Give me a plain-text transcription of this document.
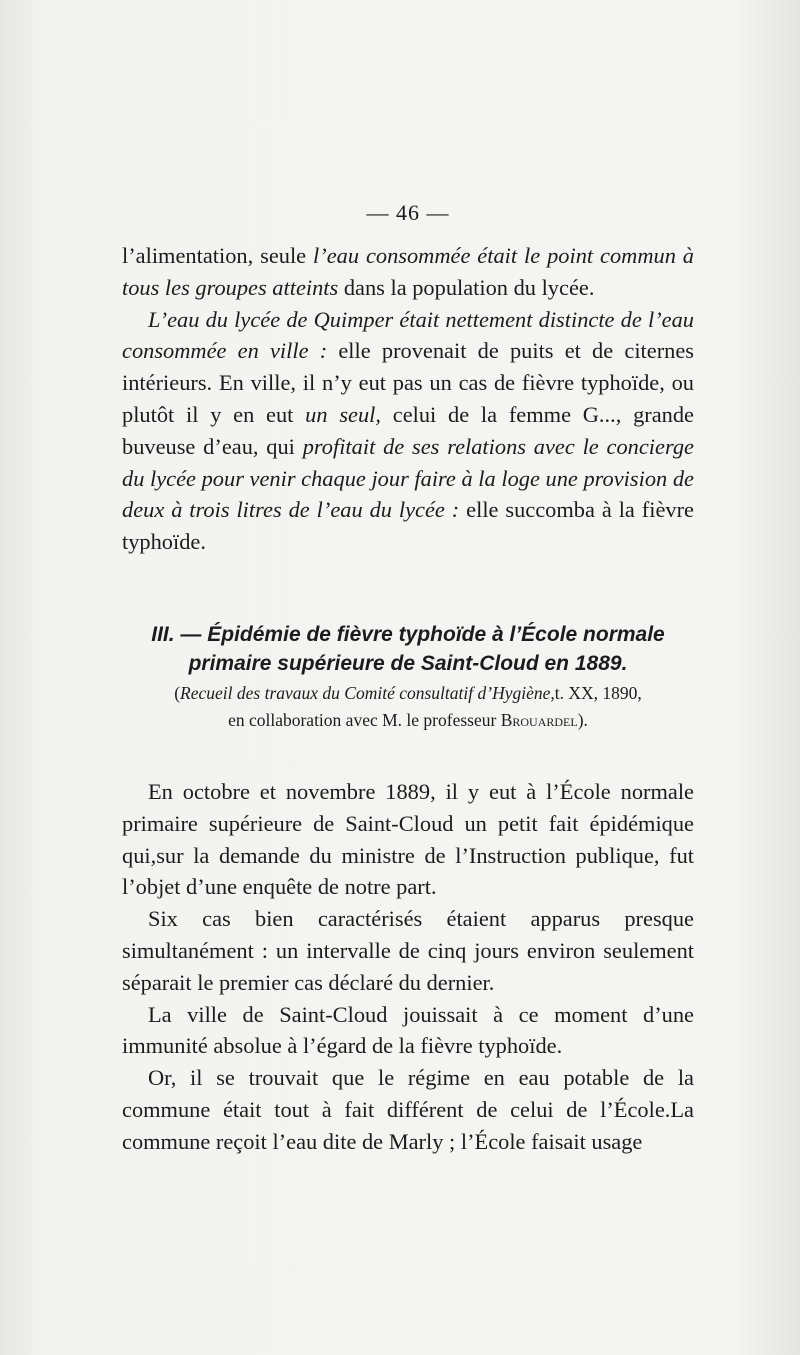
— 46 —

l’alimentation, seule l’eau consommée était le point commun à tous les groupes atteints dans la population du lycée.

L’eau du lycée de Quimper était nettement distincte de l’eau consommée en ville : elle provenait de puits et de citernes intérieurs. En ville, il n’y eut pas un cas de fièvre typhoïde, ou plutôt il y en eut un seul, celui de la femme G..., grande buveuse d’eau, qui profitait de ses relations avec le concierge du lycée pour venir chaque jour faire à la loge une provision de deux à trois litres de l’eau du lycée : elle succomba à la fièvre typhoïde.

III. — Épidémie de fièvre typhoïde à l’École normale
primaire supérieure de Saint-Cloud en 1889.
(Recueil des travaux du Comité consultatif d’Hygiène,t. XX, 1890,
en collaboration avec M. le professeur Brouardel).

En octobre et novembre 1889, il y eut à l’École normale primaire supérieure de Saint-Cloud un petit fait épidémique qui,sur la demande du ministre de l’Instruction publique, fut l’objet d’une enquête de notre part.

Six cas bien caractérisés étaient apparus presque simultanément : un intervalle de cinq jours environ seulement séparait le premier cas déclaré du dernier.

La ville de Saint-Cloud jouissait à ce moment d’une immunité absolue à l’égard de la fièvre typhoïde.

Or, il se trouvait que le régime en eau potable de la commune était tout à fait différent de celui de l’École.La commune reçoit l’eau dite de Marly ; l’École faisait usage
